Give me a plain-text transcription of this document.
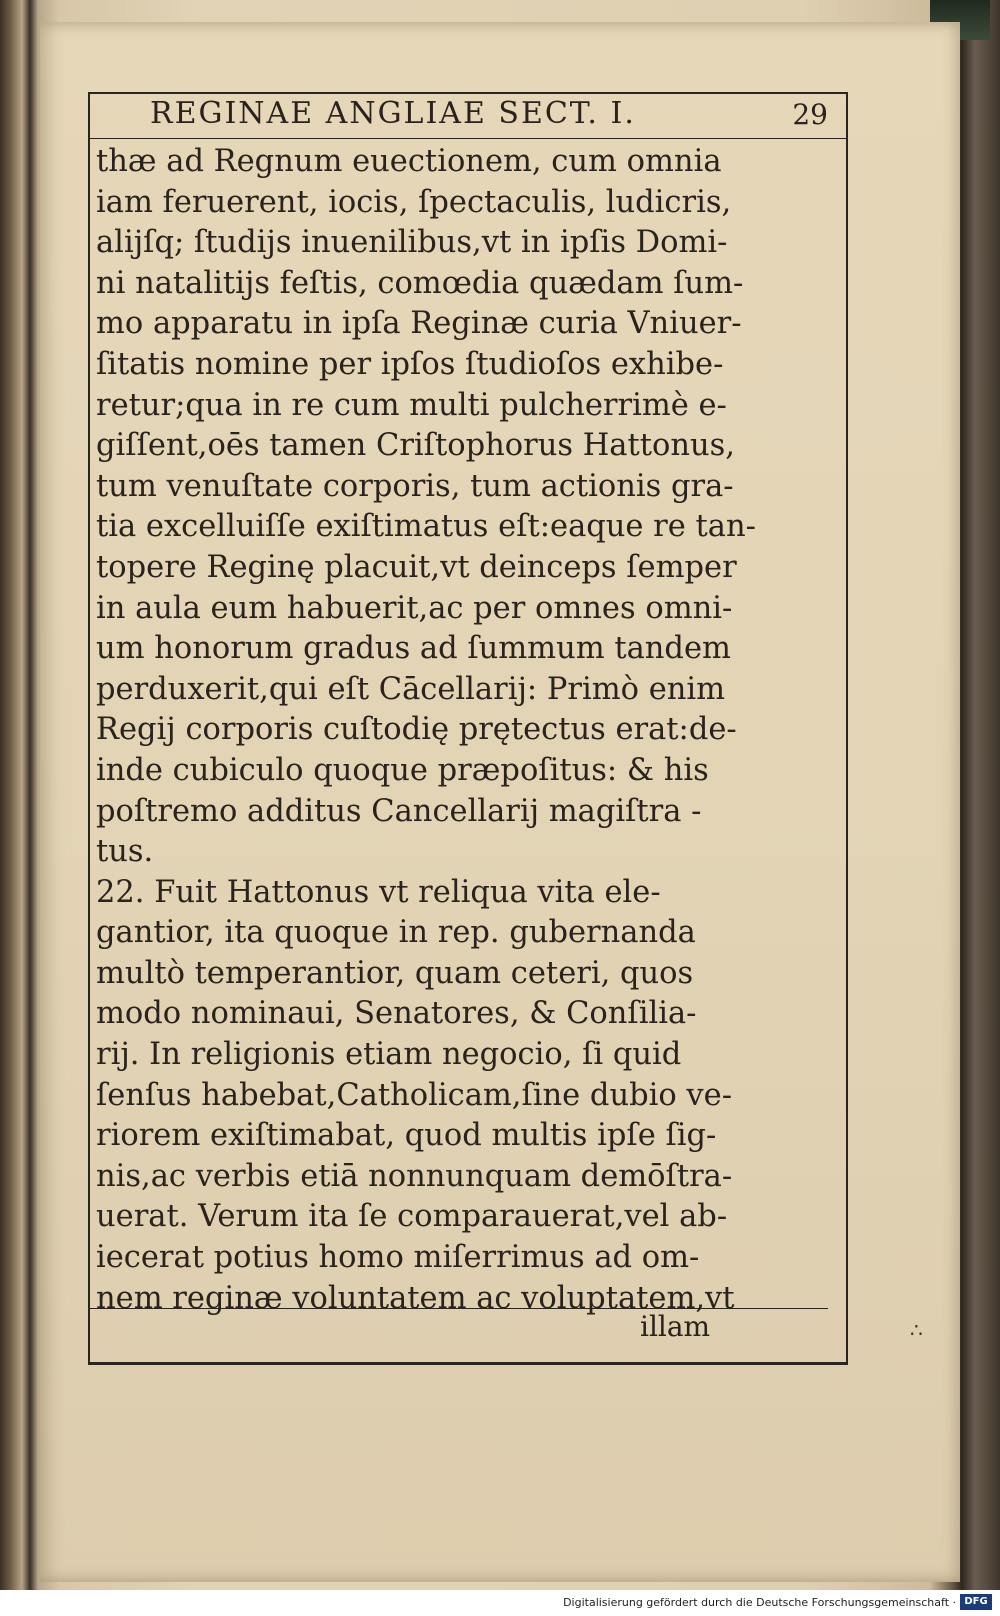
REGINAE ANGLIAE SECT. I.	29
thæ ad Regnum euectionem, cum omnia
iam feruerent, iocis, ſpectaculis, ludicris,
alijſq; ſtudijs inuenilibus,vt in ipſis Domi-
ni natalitijs feſtis, comœdia quædam ſum-
mo apparatu in ipſa Reginæ curia Vniuer-
ſitatis nomine per ipſos ſtudioſos exhibe-
retur;qua in re cum multi pulcherrimè e-
giſſent,oēs tamen Criſtophorus Hattonus,
tum venuſtate corporis, tum actionis gra-
tia excelluiſſe exiſtimatus eſt:eaque re tan-
topere Reginę placuit,vt deinceps ſemper
in aula eum habuerit,ac per omnes omni-
um honorum gradus ad ſummum tandem
perduxerit,qui eſt Cācellarij: Primò enim
Regij corporis cuſtodię prętectus erat:de-
inde cubiculo quoque præpoſitus: & his
poſtremo additus Cancellarij magiſtra -
tus.
22. Fuit Hattonus vt reliqua vita ele-
gantior, ita quoque in rep. gubernanda
multò temperantior, quam ceteri, quos
modo nominaui, Senatores, & Conſilia-
rij. In religionis etiam negocio, ſi quid
ſenſus habebat,Catholicam,ſine dubio ve-
riorem exiſtimabat, quod multis ipſe ſig-
nis,ac verbis etiā nonnunquam demōſtra-
uerat. Verum ita ſe comparauerat,vel ab-
iecerat potius homo miſerrimus ad om-
nem reginæ voluntatem ac voluptatem,vt
illam	∴
Digitalisierung gefördert durch die Deutsche Forschungsgemeinschaft · DFG
